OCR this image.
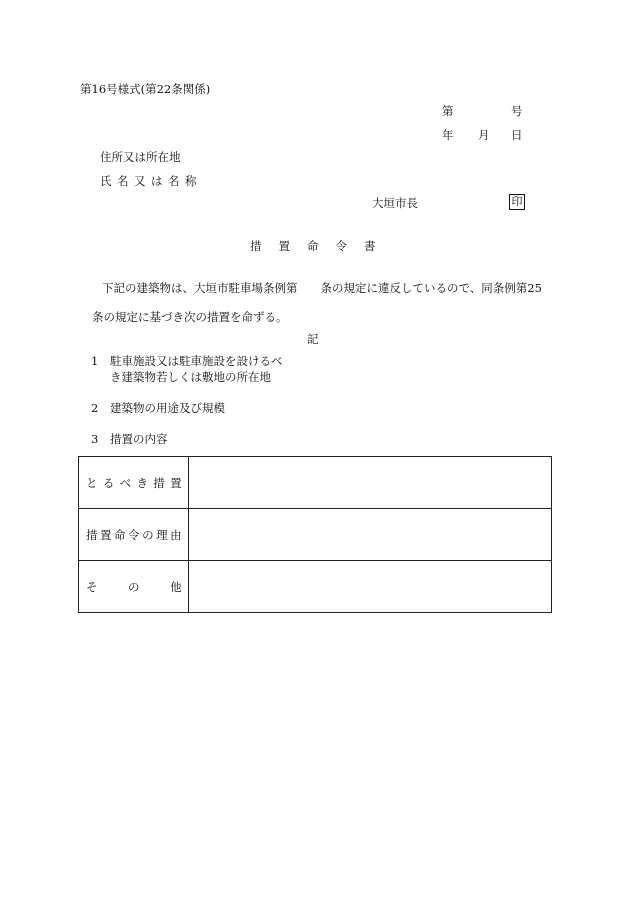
第16号様式(第22条関係)
第	号
年 月 日
住所又は所在地
氏名又は名称
大垣市長	印
措置命令書
下記の建築物は、大垣市駐車場条例第　　条の規定に違反しているので、同条例第25
条の規定に基づき次の措置を命ずる。
記
1 駐車施設又は駐車施設を設けるべ
き建築物若しくは敷地の所在地
2 建築物の用途及び規模
3 措置の内容
とるべき措置	
措置命令の理由	
その他	
